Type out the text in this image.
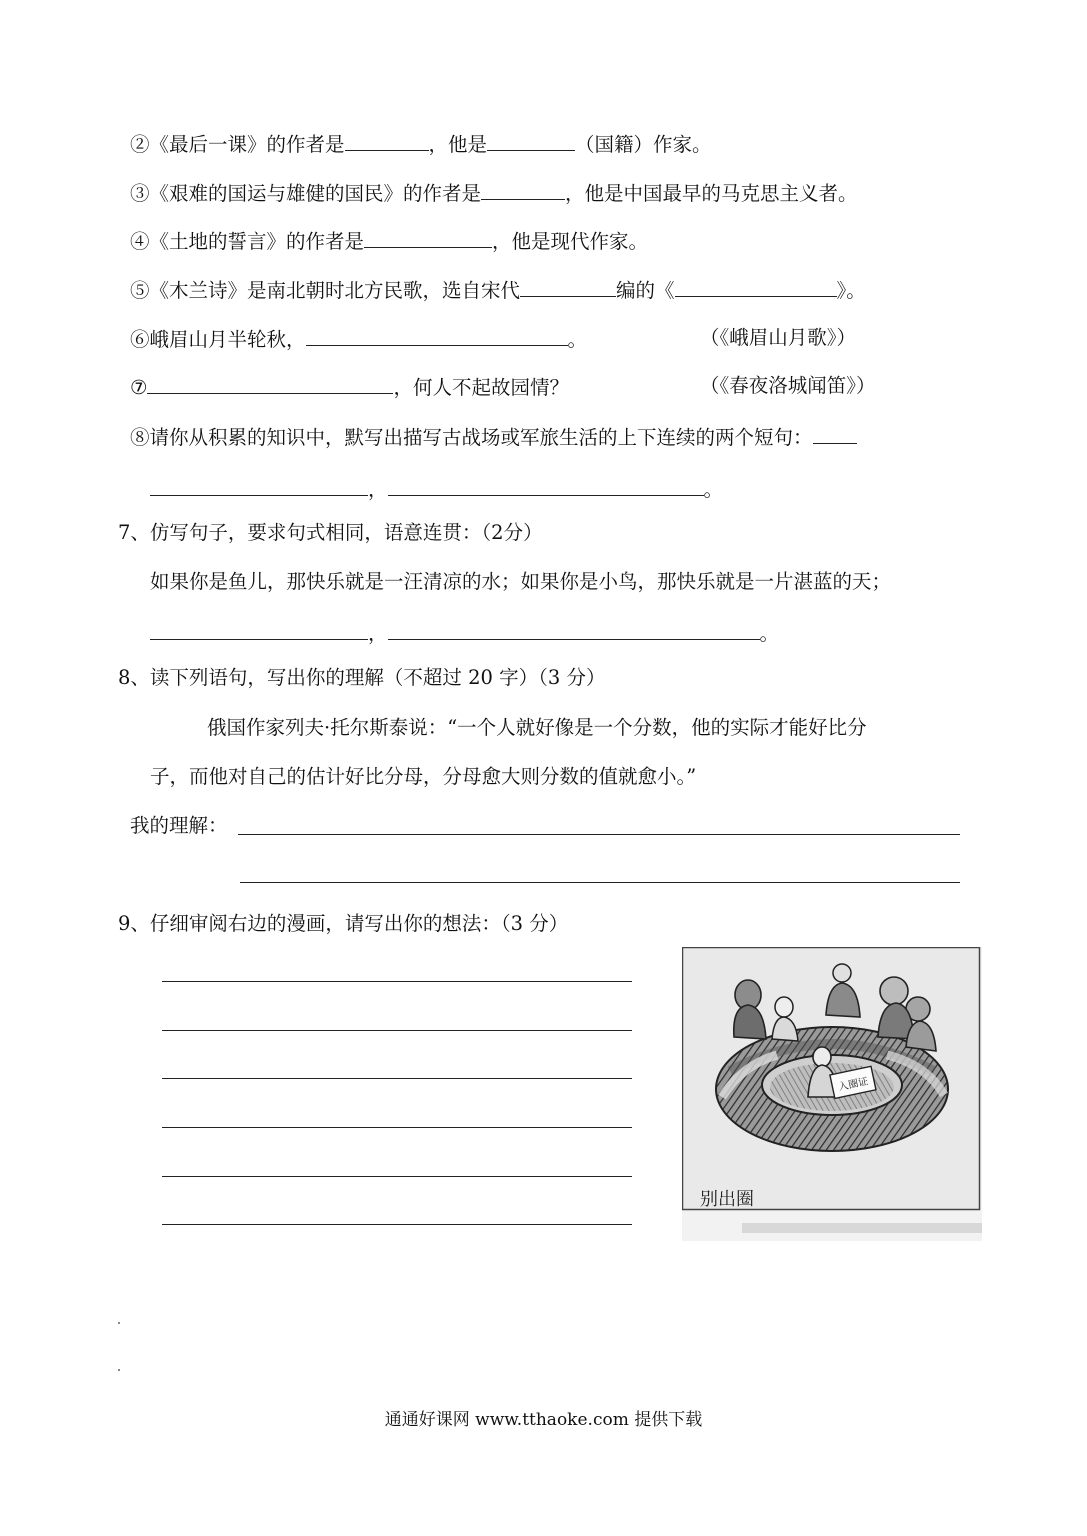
②《最后一课》的作者是	，他是	（国籍）作家。
③《艰难的国运与雄健的国民》的作者是	，他是中国最早的马克思主义者。
④《土地的誓言》的作者是	，他是现代作家。
⑤《木兰诗》是南北朝时北方民歌，选自宋代	编的《	》。
⑥峨眉山月半轮秋，	。	（《峨眉山月歌》）
⑦	，何人不起故园情？	（《春夜洛城闻笛》）
⑧请你从积累的知识中，默写出描写古战场或军旅生活的上下连续的两个短句：
，	。
7、仿写句子，要求句式相同，语意连贯：（2分）
如果你是鱼儿，那快乐就是一汪清凉的水；如果你是小鸟，那快乐就是一片湛蓝的天；
，	。
8、读下列语句，写出你的理解（不超过 20 字）（3 分）
俄国作家列夫·托尔斯泰说：“一个人就好像是一个分数，他的实际才能好比分
子，而他对自己的估计好比分母，分母愈大则分数的值就愈小。”
我的理解：
9、仔细审阅右边的漫画，请写出你的想法：（3 分）
入圈证
别出圈
通通好课网 www.tthaoke.com 提供下载
